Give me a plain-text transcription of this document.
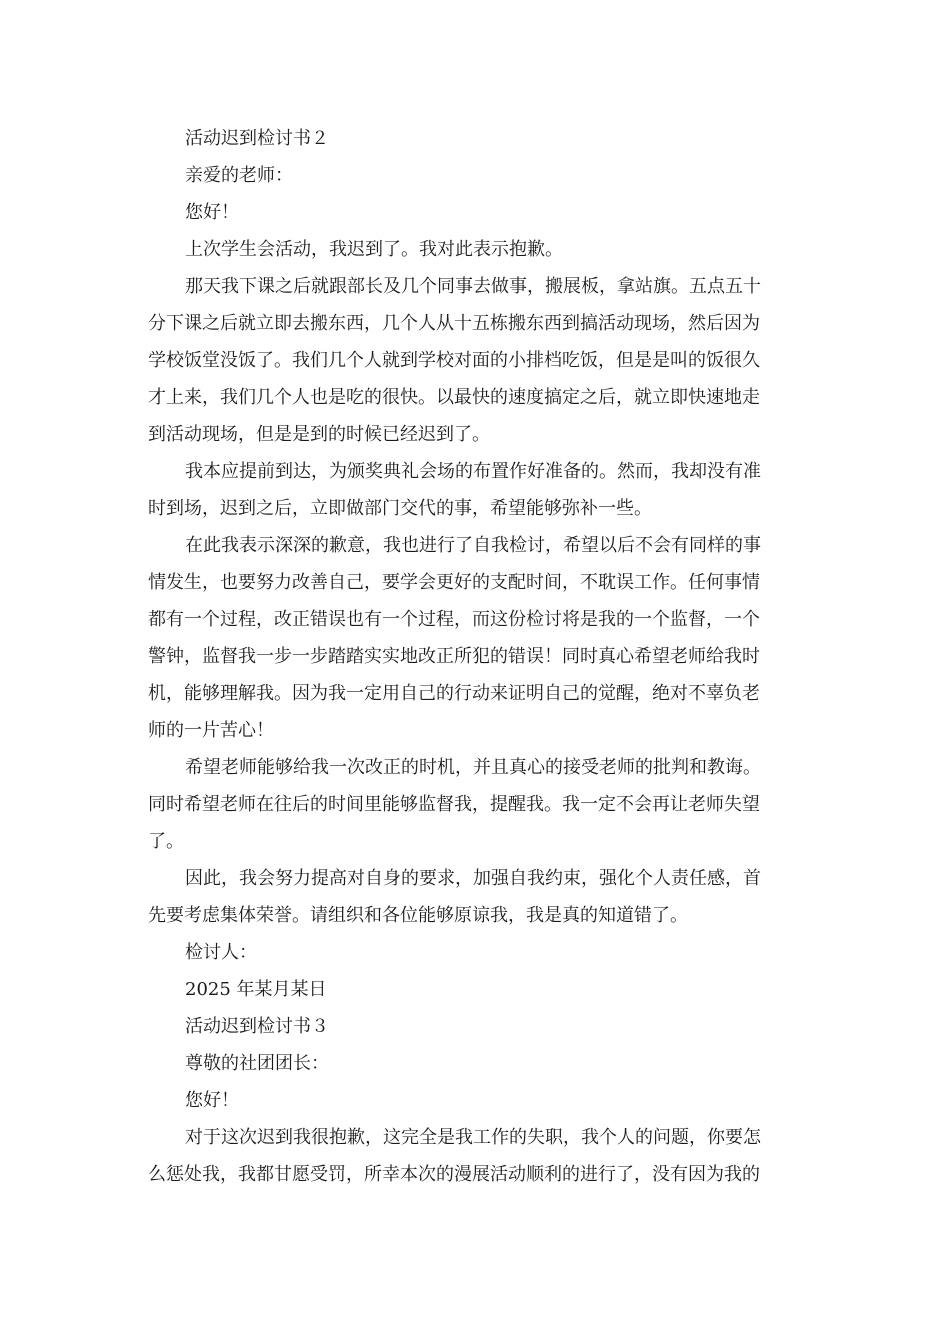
活动迟到检讨书２
亲爱的老师：
您好！
上次学生会活动，我迟到了。我对此表示抱歉。
那天我下课之后就跟部长及几个同事去做事，搬展板，拿站旗。五点五十
分下课之后就立即去搬东西，几个人从十五栋搬东西到搞活动现场，然后因为
学校饭堂没饭了。我们几个人就到学校对面的小排档吃饭，但是是叫的饭很久
才上来，我们几个人也是吃的很快。以最快的速度搞定之后，就立即快速地走
到活动现场，但是是到的时候已经迟到了。
我本应提前到达，为颁奖典礼会场的布置作好准备的。然而，我却没有准
时到场，迟到之后，立即做部门交代的事，希望能够弥补一些。
在此我表示深深的歉意，我也进行了自我检讨，希望以后不会有同样的事
情发生，也要努力改善自己，要学会更好的支配时间，不耽误工作。任何事情
都有一个过程，改正错误也有一个过程，而这份检讨将是我的一个监督，一个
警钟，监督我一步一步踏踏实实地改正所犯的错误！同时真心希望老师给我时
机，能够理解我。因为我一定用自己的行动来证明自己的觉醒，绝对不辜负老
师的一片苦心！
希望老师能够给我一次改正的时机，并且真心的接受老师的批判和教诲。
同时希望老师在往后的时间里能够监督我，提醒我。我一定不会再让老师失望
了。
因此，我会努力提高对自身的要求，加强自我约束，强化个人责任感，首
先要考虑集体荣誉。请组织和各位能够原谅我，我是真的知道错了。
检讨人：
2025 年某月某日
活动迟到检讨书３
尊敬的社团团长：
您好！
对于这次迟到我很抱歉，这完全是我工作的失职，我个人的问题，你要怎
么惩处我，我都甘愿受罚，所幸本次的漫展活动顺利的进行了，没有因为我的
